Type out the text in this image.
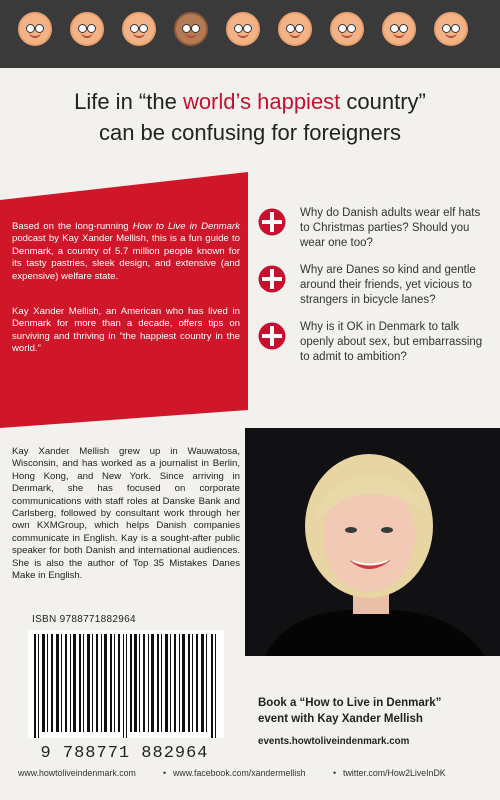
Life in “the world’s happiest country”
can be confusing for foreigners
Based on the long-running How to Live in Denmark podcast by Kay Xander Mellish, this is a fun guide to Denmark, a country of 5.7 million people known for its tasty pastries, sleek design, and extensive (and expensive) welfare state.
Kay Xander Mellish, an American who has lived in Denmark for more than a decade, offers tips on surviving and thriving in “the happiest country in the world.”
Why do Danish adults wear elf hats to Christmas parties? Should you wear one too?
Why are Danes so kind and gentle around their friends, yet vicious to strangers in bicycle lanes?
Why is it OK in Denmark to talk openly about sex, but embarrassing to admit to ambition?
Kay Xander Mellish grew up in Wauwatosa, Wisconsin, and has worked as a journalist in Berlin, Hong Kong, and New York. Since arriving in Denmark, she has focused on corporate communications with staff roles at Danske Bank and Carlsberg, followed by consultant work through her own KXMGroup, which helps Danish companies communicate in English. Kay is a sought-after public speaker for both Danish and international audiences. She is also the author of Top 35 Mistakes Danes Make in English.
ISBN 9788771882964
9 788771 882964
Book a “How to Live in Denmark”
event with Kay Xander Mellish
events.howtoliveindenmark.com
www.howtoliveindenmark.com	• www.facebook.com/xandermellish	• twitter.com/How2LiveInDK
